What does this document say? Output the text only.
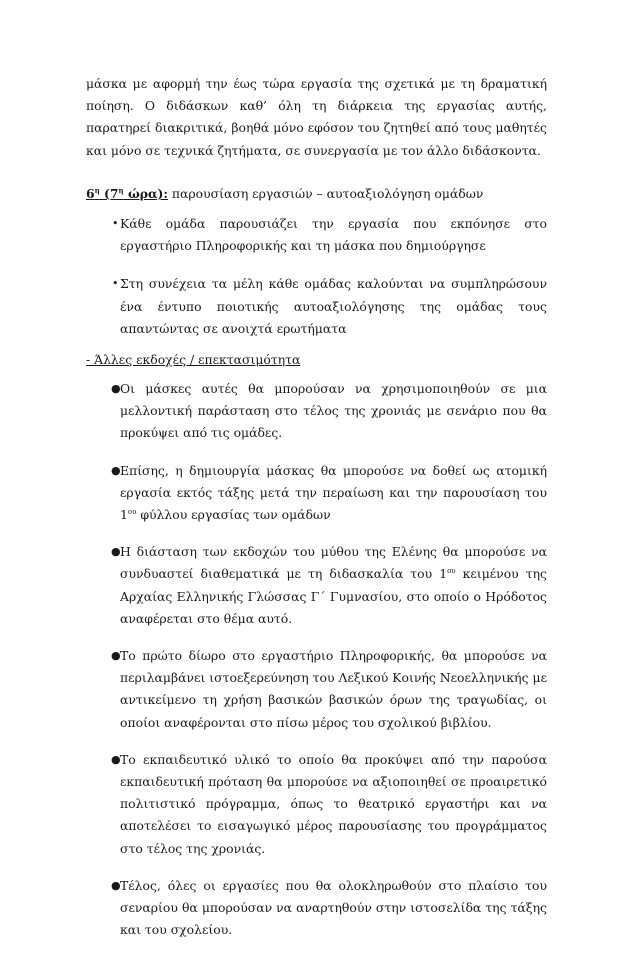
μάσκα με αφορμή την έως τώρα εργασία της σχετικά με τη δραματική ποίηση. Ο διδάσκων καθ’ όλη τη διάρκεια της εργασίας αυτής, παρατηρεί διακριτικά, βοηθά μόνο εφόσον του ζητηθεί από τους μαθητές και μόνο σε τεχνικά ζητήματα, σε συνεργασία με τον άλλο διδάσκοντα.

$6^\eta$ ($7^\eta$ ώρα): παρουσίαση εργασιών – αυτοαξιολόγηση ομάδων

• Κάθε ομάδα παρουσιάζει την εργασία που εκπόνησε στο εργαστήριο Πληροφορικής και τη μάσκα που δημιούργησε
• Στη συνέχεια τα μέλη κάθε ομάδας καλούνται να συμπληρώσουν ένα έντυπο ποιοτικής αυτοαξιολόγησης της ομάδας τους απαντώντας σε ανοιχτά ερωτήματα

- Άλλες εκδοχές / επεκτασιμότητα

● Οι μάσκες αυτές θα μπορούσαν να χρησιμοποιηθούν σε μια μελλοντική παράσταση στο τέλος της χρονιάς με σενάριο που θα προκύψει από τις ομάδες.
● Επίσης, η δημιουργία μάσκας θα μπορούσε να δοθεί ως ατομική εργασία εκτός τάξης μετά την περαίωση και την παρουσίαση του $1^{o\upsilon}$ φύλλου εργασίας των ομάδων
● Η διάσταση των εκδοχών του μύθου της Ελένης θα μπορούσε να συνδυαστεί διαθεματικά με τη διδασκαλία του $1^{o\upsilon}$ κειμένου της Αρχαίας Ελληνικής Γλώσσας Γ΄ Γυμνασίου, στο οποίο ο Ηρόδοτος αναφέρεται στο θέμα αυτό.
● Το πρώτο δίωρο στο εργαστήριο Πληροφορικής, θα μπορούσε να περιλαμβάνει ιστοεξερεύνηση του Λεξικού Κοινής Νεοελληνικής με αντικείμενο τη χρήση βασικών βασικών όρων της τραγωδίας, οι οποίοι αναφέρονται στο πίσω μέρος του σχολικού βιβλίου.
● Το εκπαιδευτικό υλικό το οποίο θα προκύψει από την παρούσα εκπαιδευτική πρόταση θα μπορούσε να αξιοποιηθεί σε προαιρετικό πολιτιστικό πρόγραμμα, όπως το θεατρικό εργαστήρι και να αποτελέσει το εισαγωγικό μέρος παρουσίασης του προγράμματος στο τέλος της χρονιάς.
● Τέλος, όλες οι εργασίες που θα ολοκληρωθούν στο πλαίσιο του σεναρίου θα μπορούσαν να αναρτηθούν στην ιστοσελίδα της τάξης και του σχολείου.
